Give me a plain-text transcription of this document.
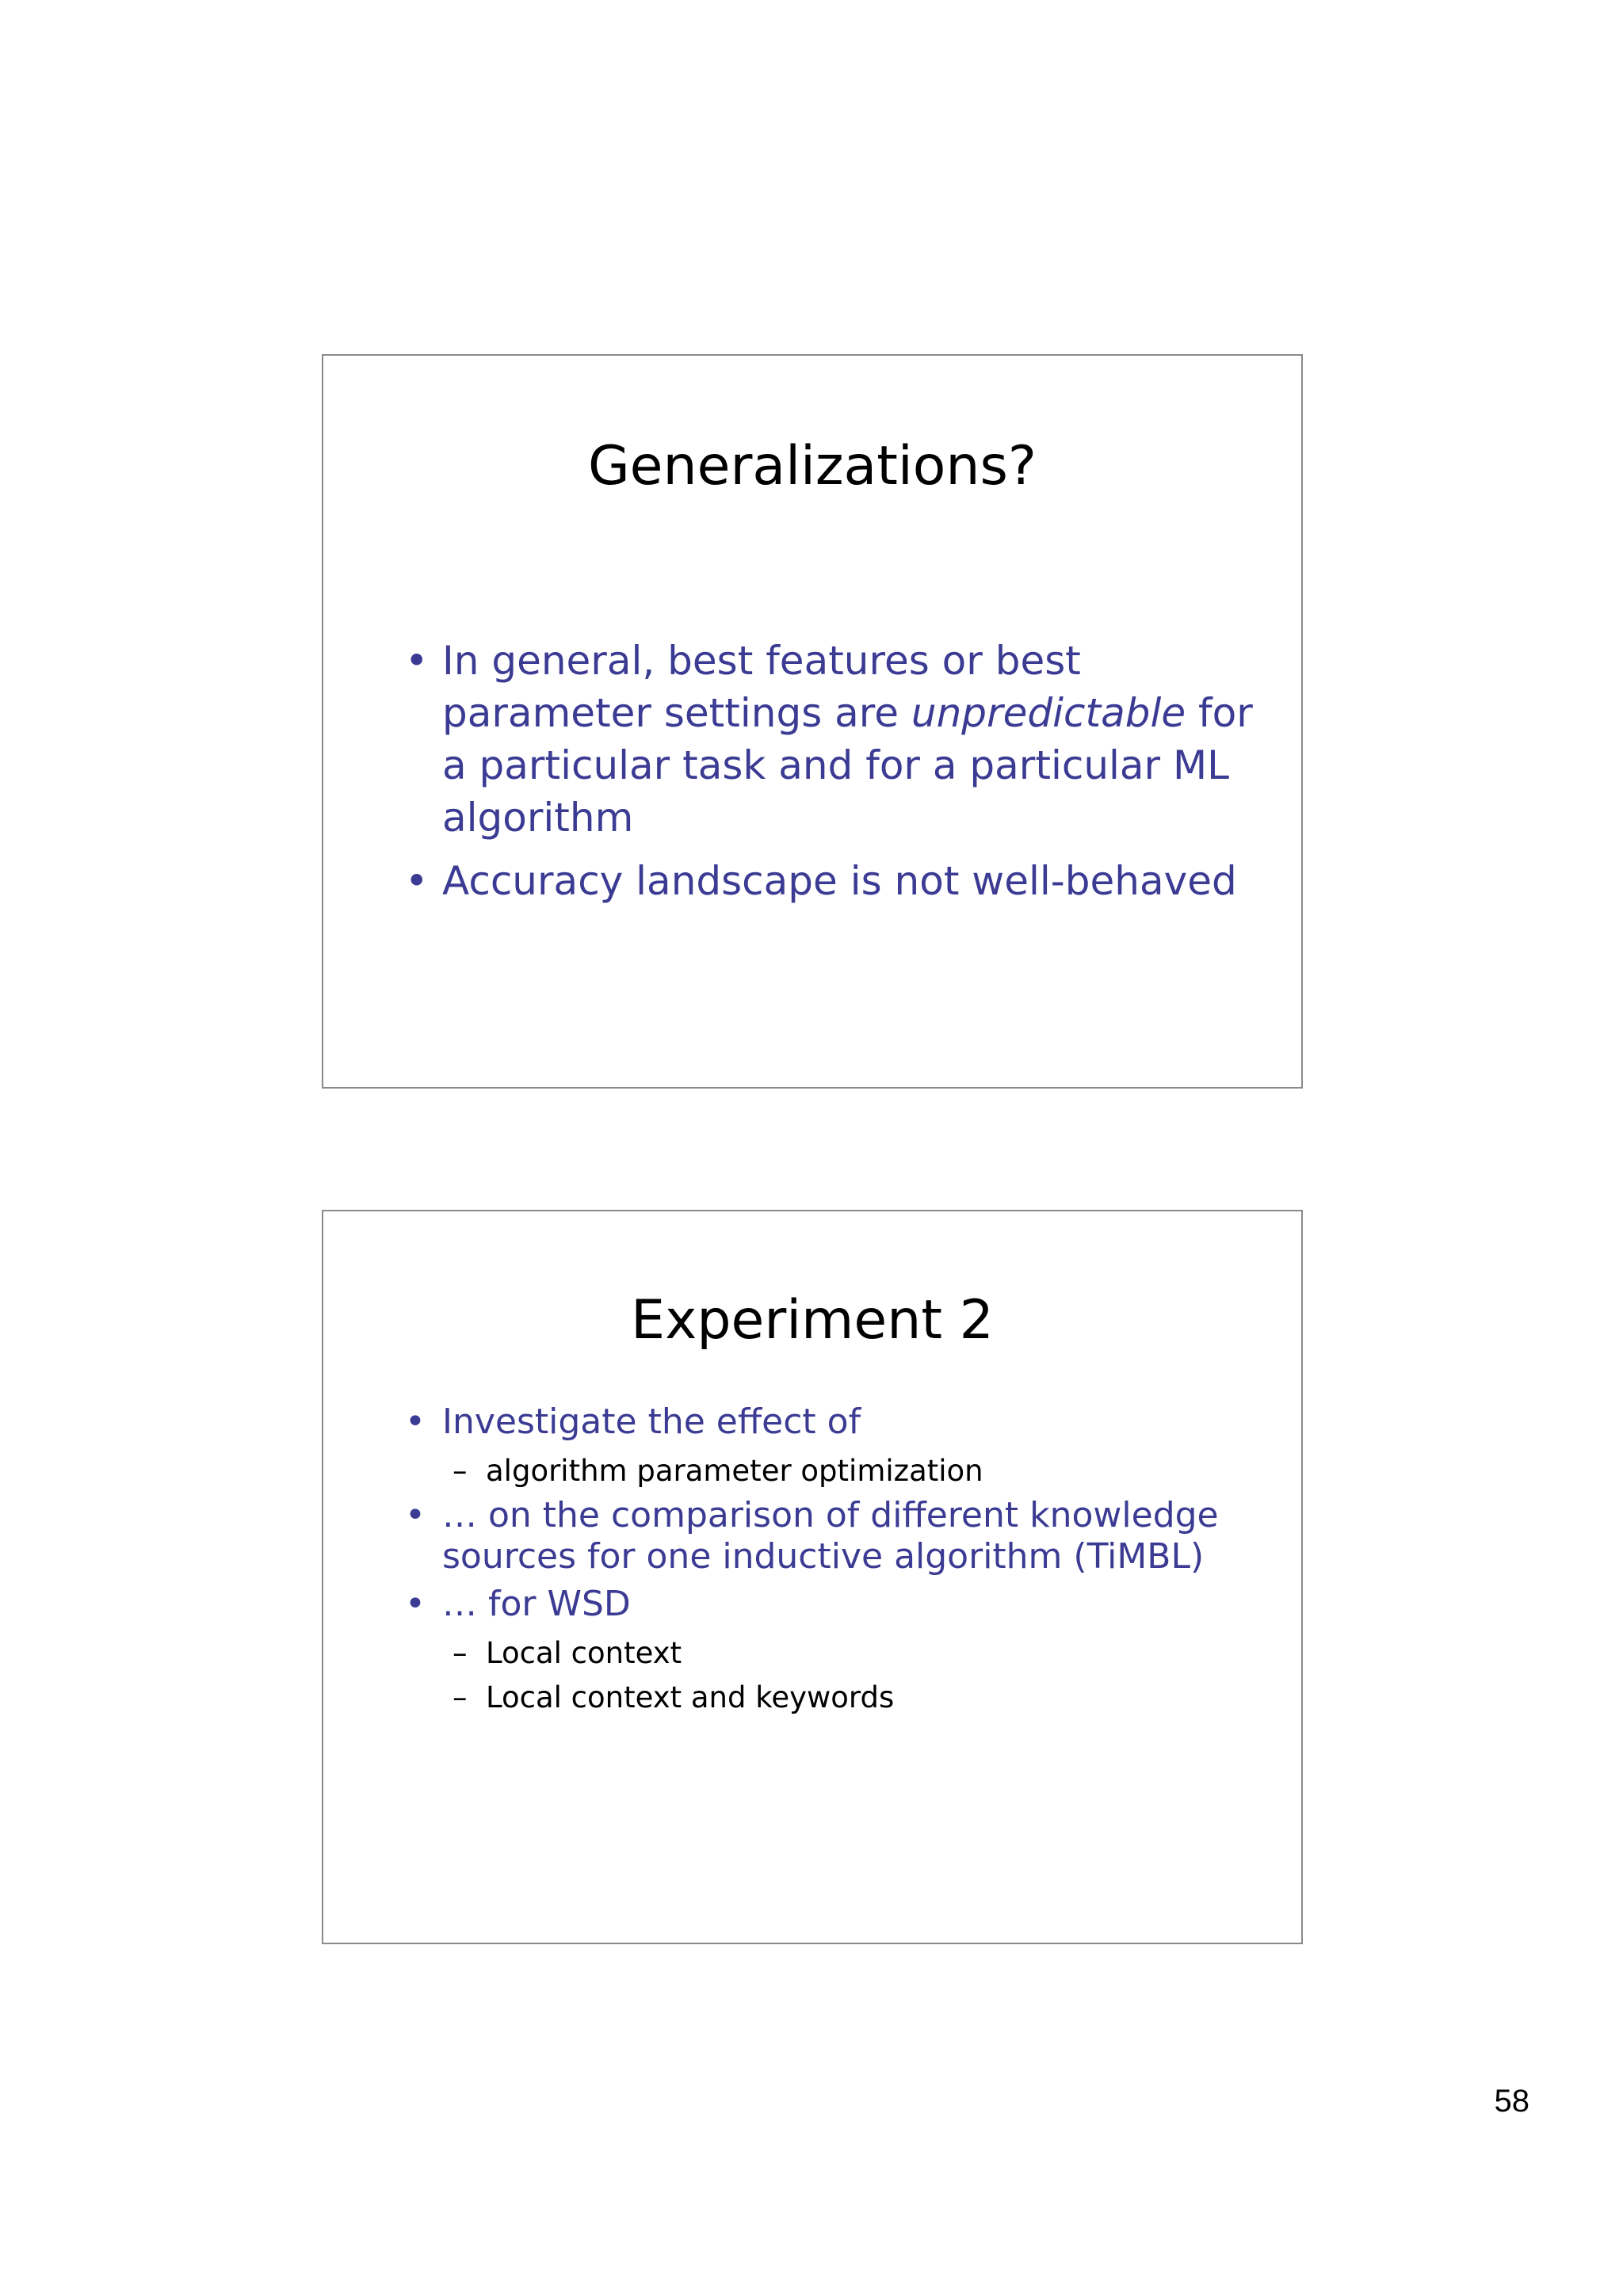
Generalizations?
• In general, best features or best parameter settings are unpredictable for a particular task and for a particular ML algorithm
• Accuracy landscape is not well-behaved
Experiment 2
• Investigate the effect of
– algorithm parameter optimization
• … on the comparison of different knowledge sources for one inductive algorithm (TiMBL)
• … for WSD
– Local context
– Local context and keywords
58
